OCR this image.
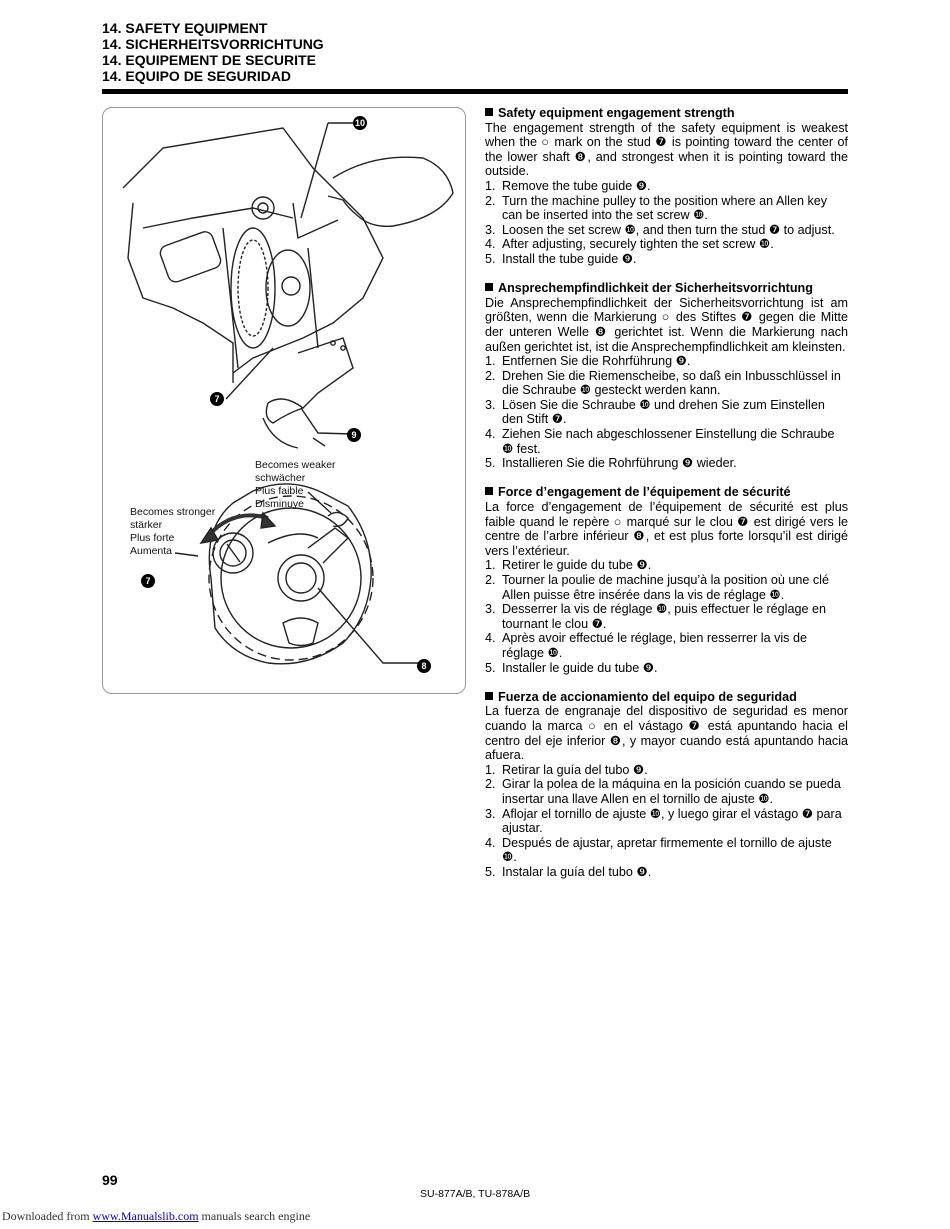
14. SAFETY EQUIPMENT
14. SICHERHEITSVORRICHTUNG
14. EQUIPEMENT DE SECURITE
14. EQUIPO DE SEGURIDAD
10
7
9
7
8
Becomes weaker
schwächer
Plus faible
Disminuye
Becomes stronger
stärker
Plus forte
Aumenta
Safety equipment engagement strength
The engagement strength of the safety equipment is weakest when the ○ mark on the stud ❼ is pointing toward the center of the lower shaft ❽, and strongest when it is pointing toward the outside.
1. Remove the tube guide ❾.
2. Turn the machine pulley to the position where an Allen key can be inserted into the set screw ❿.
3. Loosen the set screw ❿, and then turn the stud ❼ to adjust.
4. After adjusting, securely tighten the set screw ❿.
5. Install the tube guide ❾.
Ansprechempfindlichkeit der Sicherheitsvorrichtung
Die Ansprechempfindlichkeit der Sicherheitsvorrichtung ist am größten, wenn die Markierung ○ des Stiftes ❼ gegen die Mitte der unteren Welle ❽ gerichtet ist. Wenn die Markierung nach außen gerichtet ist, ist die Ansprechempfindlichkeit am kleinsten.
1. Entfernen Sie die Rohrführung ❾.
2. Drehen Sie die Riemenscheibe, so daß ein Inbusschlüssel in die Schraube ❿ gesteckt werden kann.
3. Lösen Sie die Schraube ❿ und drehen Sie zum Einstellen den Stift ❼.
4. Ziehen Sie nach abgeschlossener Einstellung die Schraube ❿ fest.
5. Installieren Sie die Rohrführung ❾ wieder.
Force d’engagement de l’équipement de sécurité
La force d’engagement de l’équipement de sécurité est plus faible quand le repère ○ marqué sur le clou ❼ est dirigé vers le centre de l’arbre inférieur ❽, et est plus forte lorsqu’il est dirigé vers l’extérieur.
1. Retirer le guide du tube ❾.
2. Tourner la poulie de machine jusqu’à la position où une clé Allen puisse être insérée dans la vis de réglage ❿.
3. Desserrer la vis de réglage ❿, puis effectuer le réglage en tournant le clou ❼.
4. Après avoir effectué le réglage, bien resserrer la vis de réglage ❿.
5. Installer le guide du tube ❾.
Fuerza de accionamiento del equipo de seguridad
La fuerza de engranaje del dispositivo de seguridad es menor cuando la marca ○ en el vástago ❼ está apuntando hacia el centro del eje inferior ❽, y mayor cuando está apuntando hacia afuera.
1. Retirar la guía del tubo ❾.
2. Girar la polea de la máquina en la posición cuando se pueda insertar una llave Allen en el tornillo de ajuste ❿.
3. Aflojar el tornillo de ajuste ❿, y luego girar el vástago ❼ para ajustar.
4. Después de ajustar, apretar firmemente el tornillo de ajuste ❿.
5. Instalar la guía del tubo ❾.
99
SU-877A/B, TU-878A/B
Downloaded from www.Manualslib.com manuals search engine
